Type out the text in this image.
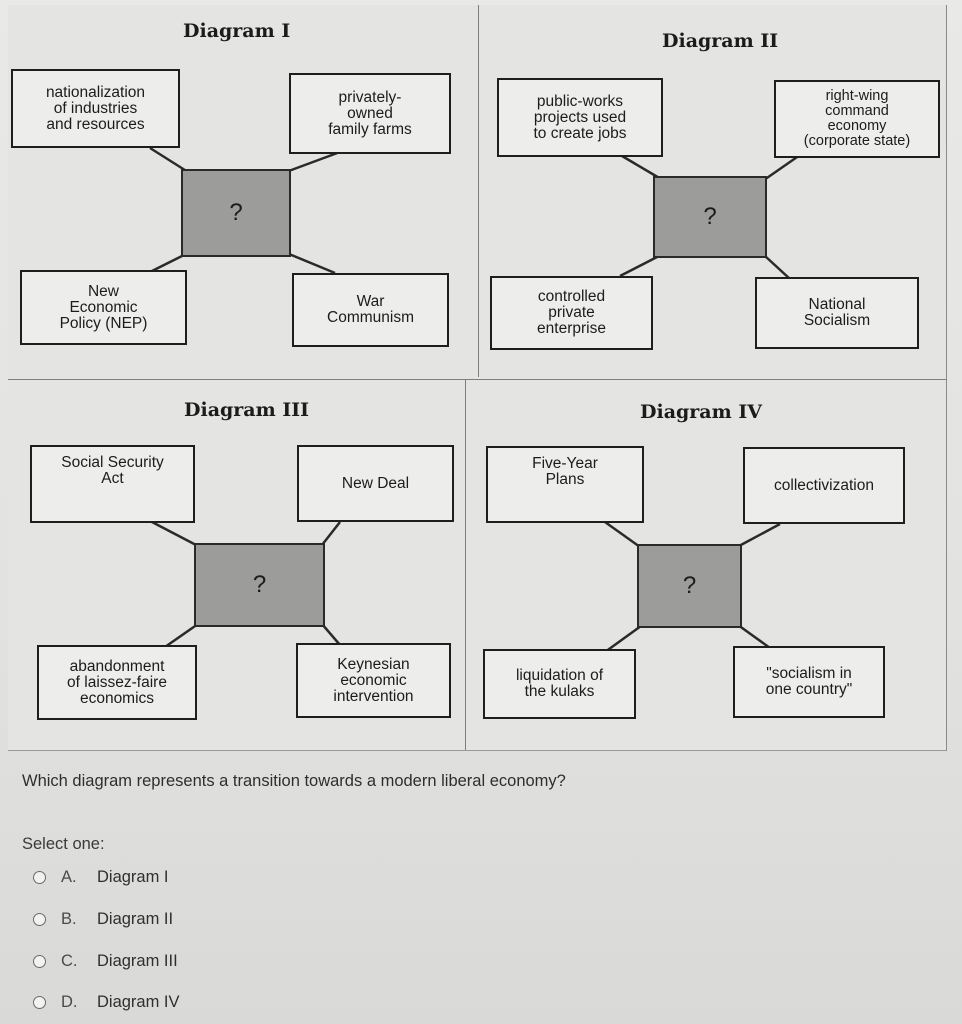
Diagram I
nationalization
of industries
and resources
privately-
owned
family farms
?
New
Economic
Policy (NEP)
War
Communism
Diagram II
public-works
projects used
to create jobs
right-wing
command
economy
(corporate state)
?
controlled
private
enterprise
National
Socialism
Diagram III
Social Security
Act	New Deal
?
abandonment
of laissez-faire
economics
Keynesian
economic
intervention
Diagram IV
Five-Year
Plans	collectivization
?
liquidation of
the kulaks
"socialism in
one country"
Which diagram represents a transition towards a modern liberal economy?
Select one:
A.	Diagram I
B.	Diagram II
C.	Diagram III
D.	Diagram IV
